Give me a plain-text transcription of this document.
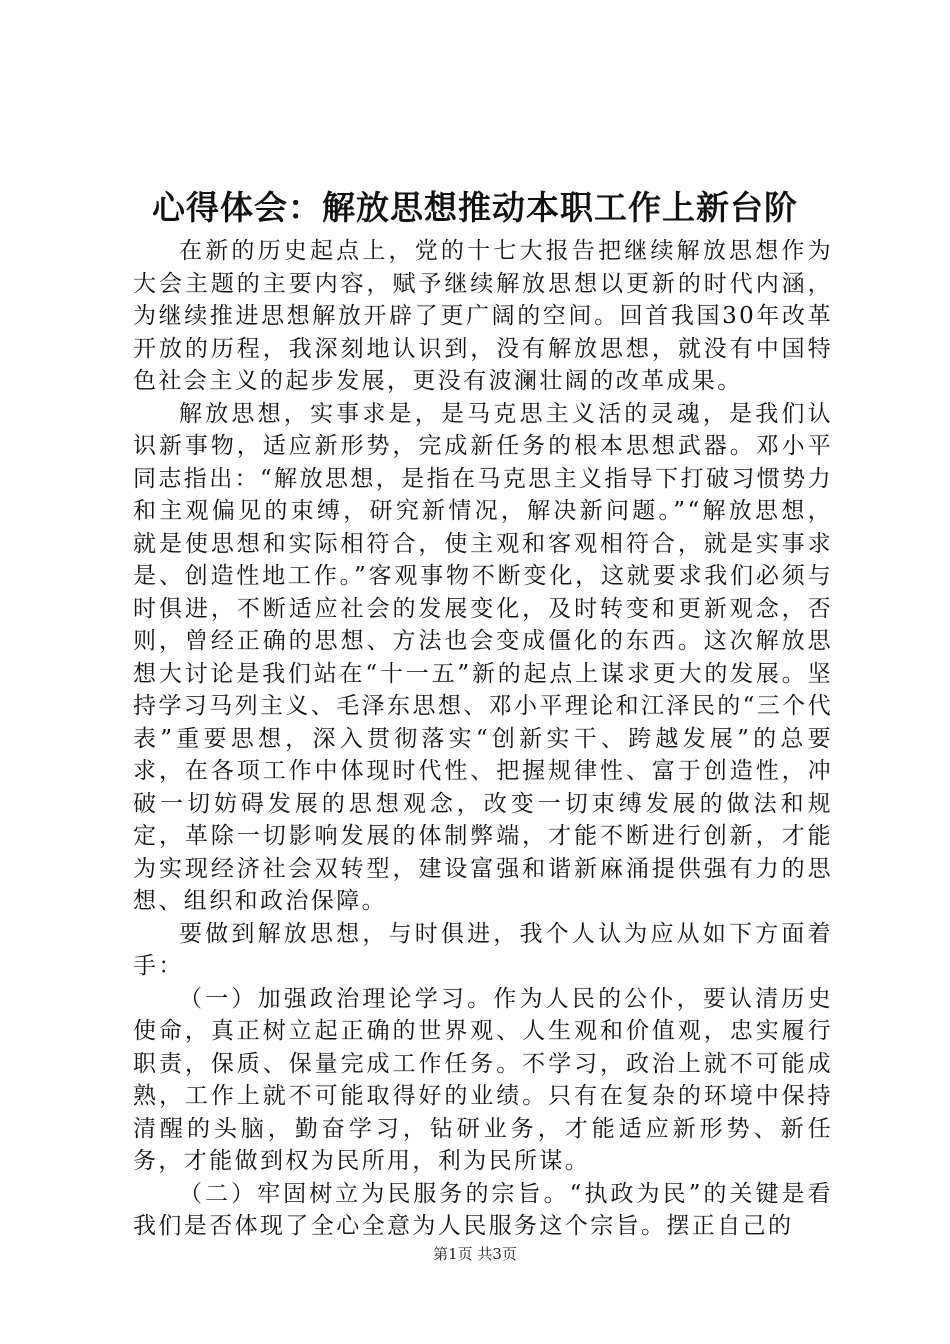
心得体会：解放思想推动本职工作上新台阶

在新的历史起点上，党的十七大报告把继续解放思想作为大会主题的主要内容，赋予继续解放思想以更新的时代内涵，为继续推进思想解放开辟了更广阔的空间。回首我国30年改革开放的历程，我深刻地认识到，没有解放思想，就没有中国特色社会主义的起步发展，更没有波澜壮阔的改革成果。

解放思想，实事求是，是马克思主义活的灵魂，是我们认识新事物，适应新形势，完成新任务的根本思想武器。邓小平同志指出：“解放思想，是指在马克思主义指导下打破习惯势力和主观偏见的束缚，研究新情况，解决新问题。”“解放思想，就是使思想和实际相符合，使主观和客观相符合，就是实事求是、创造性地工作。”客观事物不断变化，这就要求我们必须与时俱进，不断适应社会的发展变化，及时转变和更新观念，否则，曾经正确的思想、方法也会变成僵化的东西。这次解放思想大讨论是我们站在“十一五”新的起点上谋求更大的发展。坚持学习马列主义、毛泽东思想、邓小平理论和江泽民的“三个代表”重要思想，深入贯彻落实“创新实干、跨越发展”的总要求，在各项工作中体现时代性、把握规律性、富于创造性，冲破一切妨碍发展的思想观念，改变一切束缚发展的做法和规定，革除一切影响发展的体制弊端，才能不断进行创新，才能为实现经济社会双转型，建设富强和谐新麻涌提供强有力的思想、组织和政治保障。

要做到解放思想，与时俱进，我个人认为应从如下方面着手：

（一）加强政治理论学习。作为人民的公仆，要认清历史使命，真正树立起正确的世界观、人生观和价值观，忠实履行职责，保质、保量完成工作任务。不学习，政治上就不可能成熟，工作上就不可能取得好的业绩。只有在复杂的环境中保持清醒的头脑，勤奋学习，钻研业务，才能适应新形势、新任务，才能做到权为民所用，利为民所谋。

（二）牢固树立为民服务的宗旨。“执政为民”的关键是看我们是否体现了全心全意为人民服务这个宗旨。摆正自己的

第1页 共3页
